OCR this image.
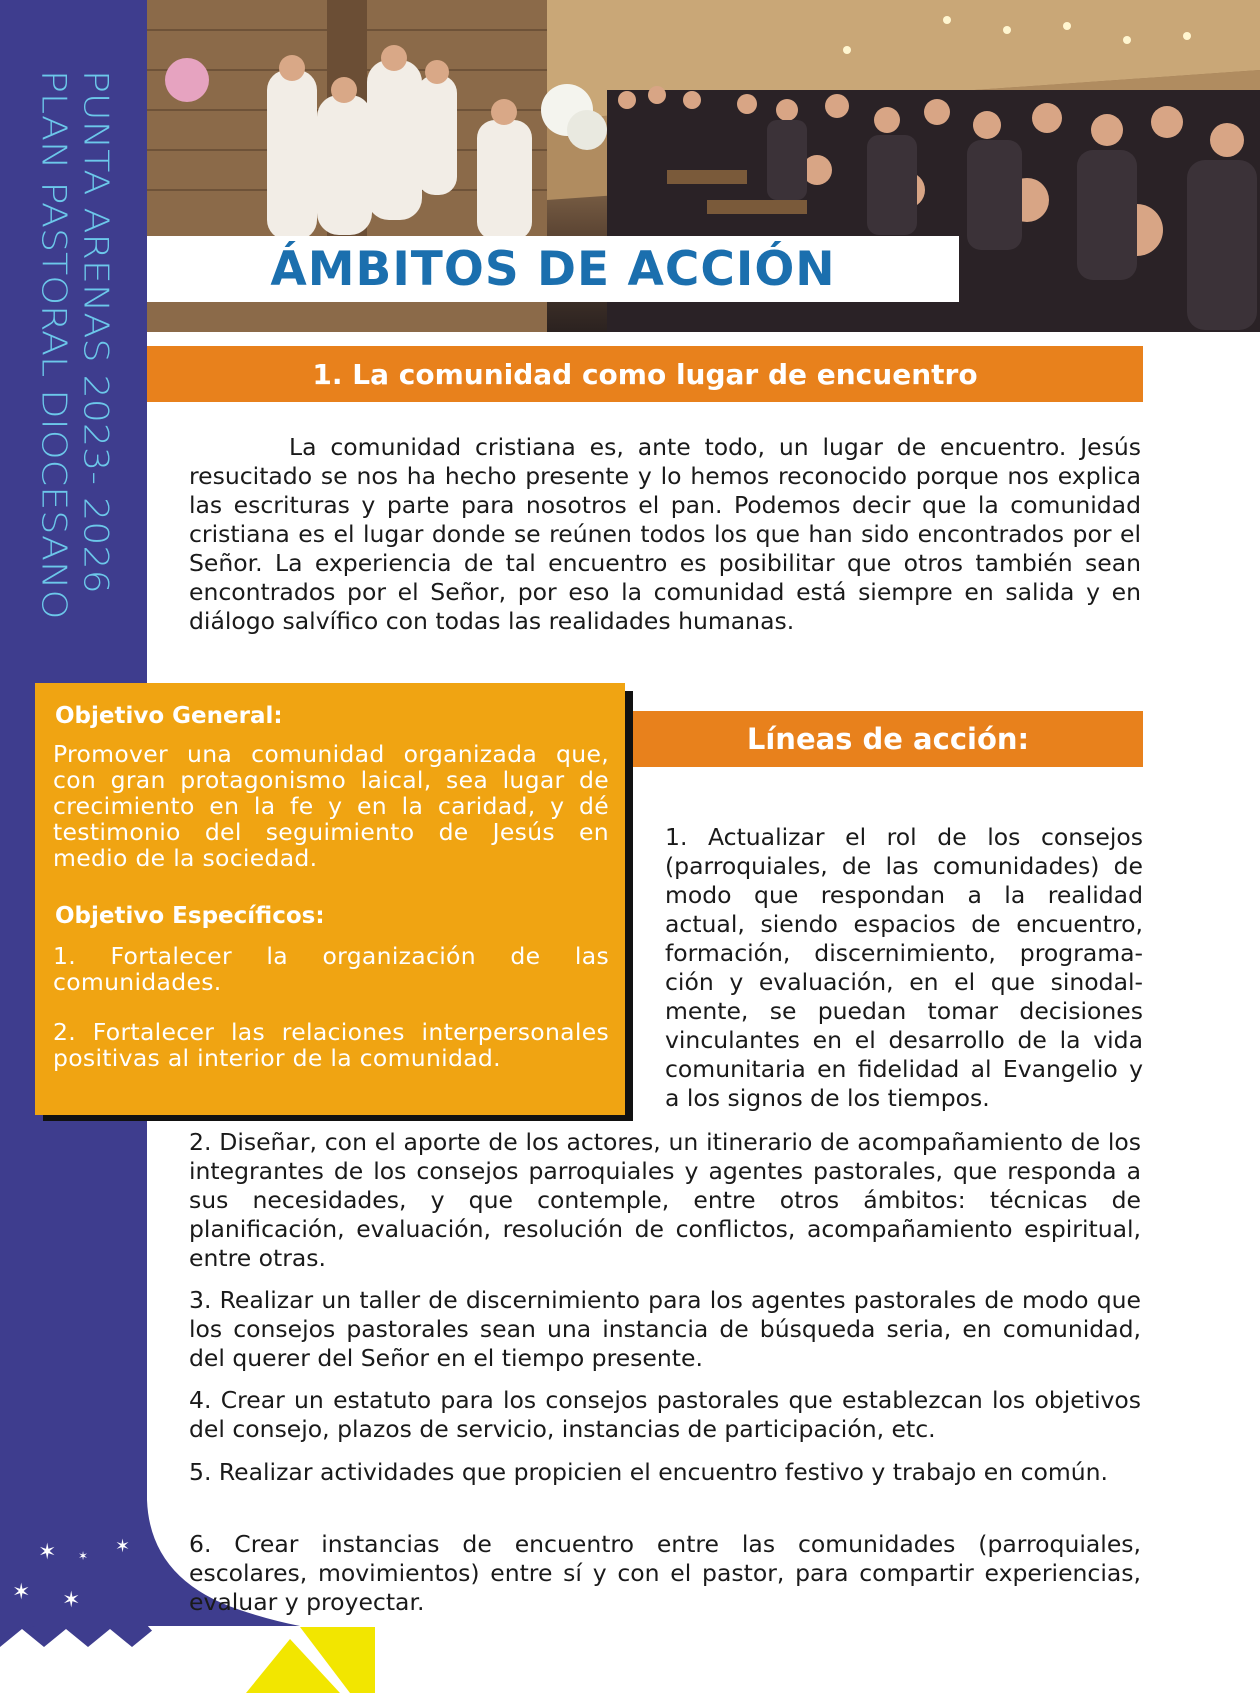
PLAN PASTORAL DIOCESANO PUNTA ARENAS 2023- 2026
✶ ✶ ✶
✶ ✶
ÁMBITOS DE ACCIÓN
1. La comunidad como lugar de encuentro

La comunidad cristiana es, ante todo, un lugar de encuentro. Jesús resucitado se nos ha hecho presente y lo hemos reconocido porque nos explica las escrituras y parte para nosotros el pan. Podemos decir que la comunidad cristiana es el lugar donde se reúnen todos los que han sido encontrados por el Señor. La experiencia de tal encuentro es posibilitar que otros también sean encontrados por el Señor, por eso la comunidad está siempre en salida y en diálogo salvífico con todas las realidades humanas.

Objetivo General:

Promover una comunidad organizada que, con gran protagonismo laical, sea lugar de crecimiento en la fe y en la caridad, y dé testimonio del seguimiento de Jesús en medio de la sociedad.

Objetivo Específicos:

1. Fortalecer la organización de las comunidades.

2. Fortalecer las relaciones interpersonales positivas al interior de la comunidad.

Líneas de acción:

1. Actualizar el rol de los consejos (parroquiales, de las comunidades) de modo que respondan a la realidad actual, siendo espacios de encuentro, formación, discernimiento, programación y evaluación, en el que sinodalmente, se puedan tomar decisiones vinculantes en el desarrollo de la vida comunitaria en fidelidad al Evangelio y a los signos de los tiempos.

2. Diseñar, con el aporte de los actores, un itinerario de acompañamiento de los integrantes de los consejos parroquiales y agentes pastorales, que responda a sus necesidades, y que contemple, entre otros ámbitos: técnicas de planificación, evaluación, resolución de conflictos, acompañamiento espiritual, entre otras.

3. Realizar un taller de discernimiento para los agentes pastorales de modo que los consejos pastorales sean una instancia de búsqueda seria, en comunidad, del querer del Señor en el tiempo presente.

4. Crear un estatuto para los consejos pastorales que establezcan los objetivos del consejo, plazos de servicio, instancias de participación, etc.

5. Realizar actividades que propicien el encuentro festivo y trabajo en común.

6. Crear instancias de encuentro entre las comunidades (parroquiales, escolares, movimientos) entre sí y con el pastor, para compartir experiencias, evaluar y proyectar.
